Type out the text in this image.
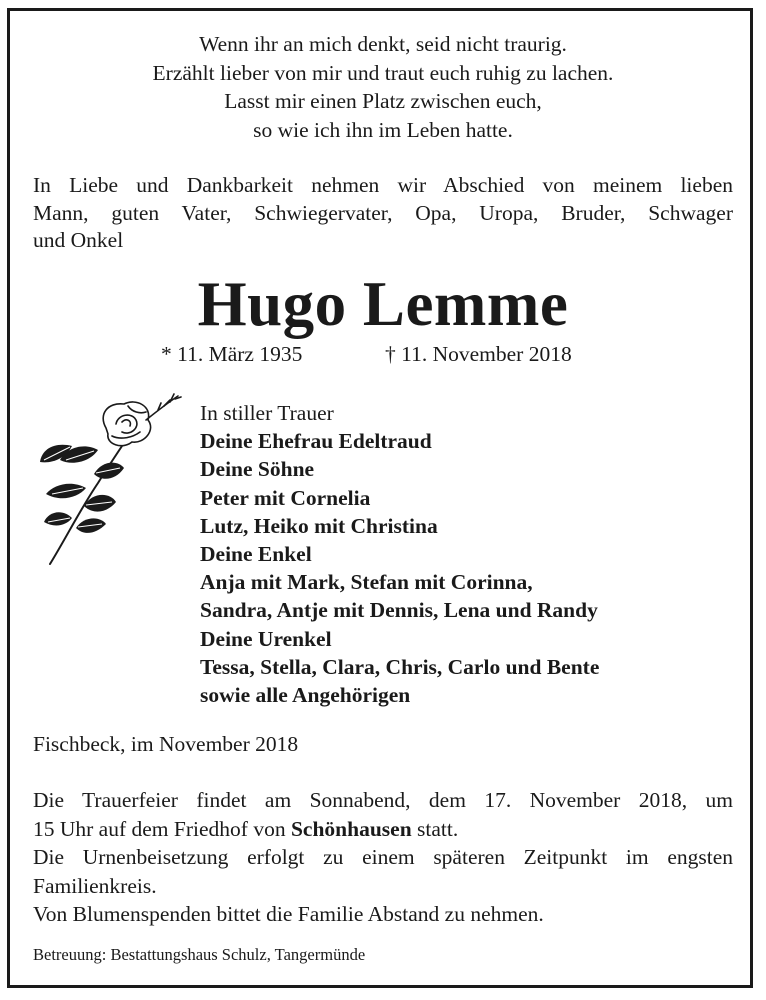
Wenn ihr an mich denkt, seid nicht traurig.
Erzählt lieber von mir und traut euch ruhig zu lachen.
Lasst mir einen Platz zwischen euch,
so wie ich ihn im Leben hatte.
In Liebe und Dankbarkeit nehmen wir Abschied von meinem lieben
Mann, guten Vater, Schwiegervater, Opa, Uropa, Bruder, Schwager
und Onkel
Hugo Lemme
* 11. März 1935	† 11. November 2018
In stiller Trauer
Deine Ehefrau Edeltraud
Deine Söhne
Peter mit Cornelia
Lutz, Heiko mit Christina
Deine Enkel
Anja mit Mark, Stefan mit Corinna,
Sandra, Antje mit Dennis, Lena und Randy
Deine Urenkel
Tessa, Stella, Clara, Chris, Carlo und Bente
sowie alle Angehörigen
Fischbeck, im November 2018
Die Trauerfeier findet am Sonnabend, dem 17. November 2018, um
15 Uhr auf dem Friedhof von Schönhausen statt.
Die Urnenbeisetzung erfolgt zu einem späteren Zeitpunkt im engsten
Familienkreis.
Von Blumenspenden bittet die Familie Abstand zu nehmen.
Betreuung: Bestattungshaus Schulz, Tangermünde
